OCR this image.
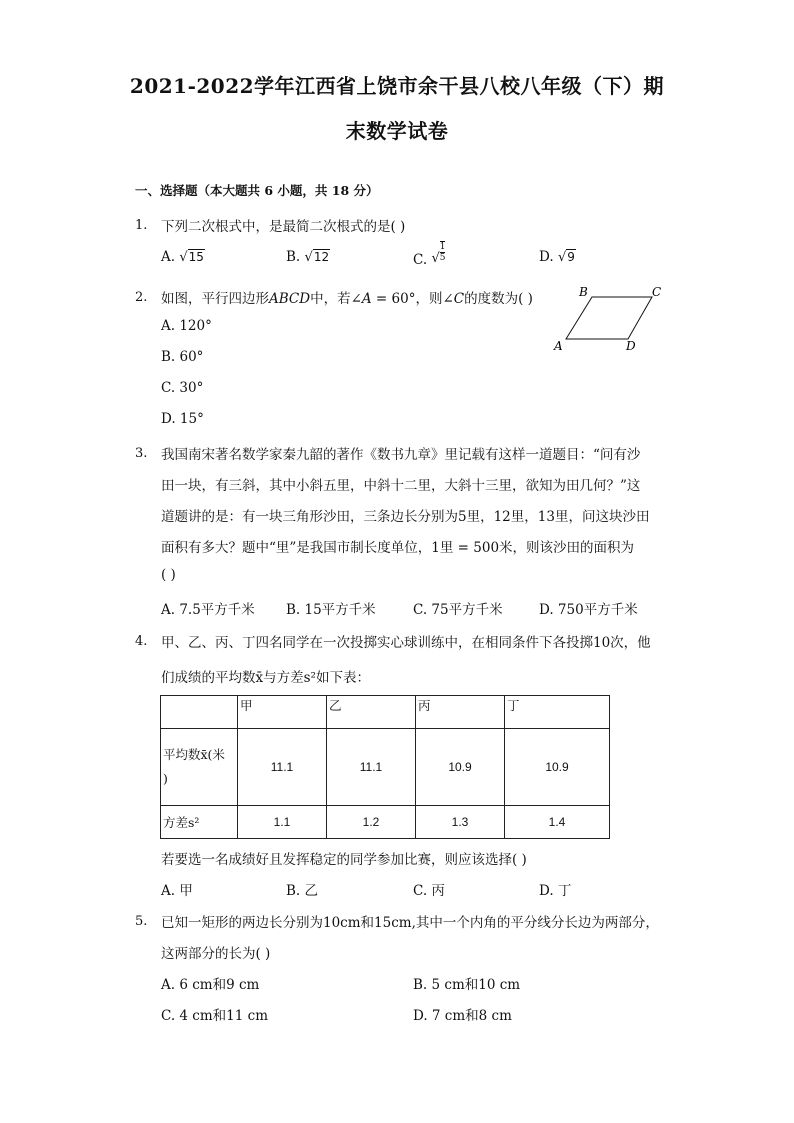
2021-2022学年江西省上饶市余干县八校八年级（下）期
末数学试卷
一、选择题（本大题共 6 小题，共 18 分）
1. 下列二次根式中，是最简二次根式的是( )
A. √15	B. √12	C. √ $\frac{1}{5}$	D. √9
2. 如图，平行四边形ABCD中，若∠A = 60°，则∠C的度数为( )
A. 120°
B. 60°
C. 30°
D. 15°
A
B	C
D
3. 我国南宋著名数学家秦九韶的著作《数书九章》里记载有这样一道题目：“问有沙
田一块，有三斜，其中小斜五里，中斜十二里，大斜十三里，欲知为田几何？”这
道题讲的是：有一块三角形沙田，三条边长分别为5里，12里，13里，问这块沙田
面积有多大？题中“里”是我国市制长度单位，1里 = 500米，则该沙田的面积为
( )
A. 7.5平方千米 B. 15平方千米	C. 75平方千米	D. 750平方千米
4. 甲、乙、丙、丁四名同学在一次投掷实心球训练中，在相同条件下各投掷10次，他
们成绩的平均数x̄与方差s²如下表：
	甲	乙	丙	丁
平均数x̄(米
)	11.1	11.1	10.9	10.9
方差s²	1.1	1.2	1.3	1.4
若要选一名成绩好且发挥稳定的同学参加比赛，则应该选择( )
A. 甲	B. 乙	C. 丙	D. 丁
5. 已知一矩形的两边长分别为10cm和15cm,其中一个内角的平分线分长边为两部分，
这两部分的长为( )
A. 6 cm和9 cm	B. 5 cm和10 cm
C. 4 cm和11 cm	D. 7 cm和8 cm
